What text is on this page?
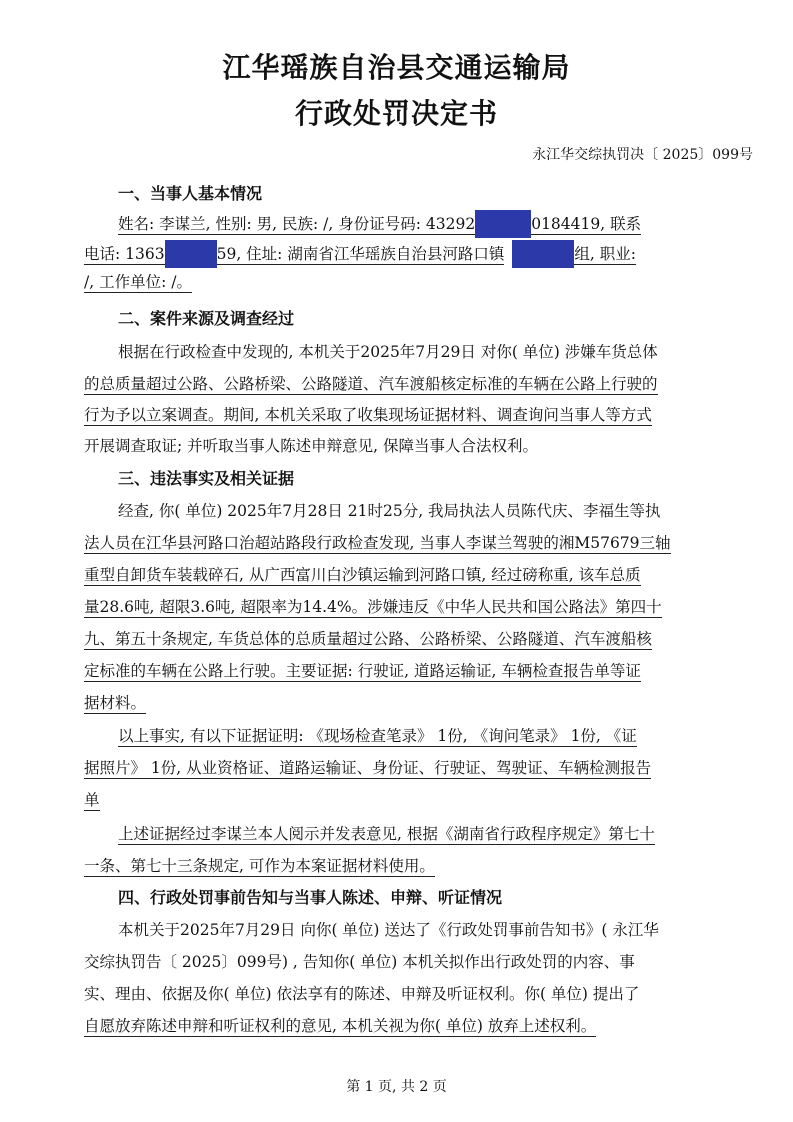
江华瑶族自治县交通运输局
行政处罚决定书
永江华交综执罚决〔 2025〕099号
一、当事人基本情况
姓名: 李谋兰, 性别: 男, 民族: /, 身份证号码: 43292	0184419, 联系
电话: 1363	59, 住址: 湖南省江华瑶族自治县河路口镇	组, 职业:
/, 工作单位: /。
二、案件来源及调查经过
根据在行政检查中发现的, 本机关于2025年7月29日 对你( 单位) 涉嫌车货总体
的总质量超过公路、公路桥梁、公路隧道、汽车渡船核定标准的车辆在公路上行驶的
行为予以立案调查。期间, 本机关采取了收集现场证据材料、调查询问当事人等方式
开展调查取证; 并听取当事人陈述申辩意见, 保障当事人合法权利。
三、违法事实及相关证据
经查, 你( 单位) 2025年7月28日 21时25分, 我局执法人员陈代庆、李福生等执
法人员在江华县河路口治超站路段行政检查发现, 当事人李谋兰驾驶的湘M57679三轴
重型自卸货车装载碎石, 从广西富川白沙镇运输到河路口镇, 经过磅称重, 该车总质
量28.6吨, 超限3.6吨, 超限率为14.4%。涉嫌违反《中华人民共和国公路法》第四十
九、第五十条规定, 车货总体的总质量超过公路、公路桥梁、公路隧道、汽车渡船核
定标准的车辆在公路上行驶。主要证据: 行驶证, 道路运输证, 车辆检查报告单等证
据材料。
以上事实, 有以下证据证明: 《现场检查笔录》 1份, 《询问笔录》 1份, 《证
据照片》 1份, 从业资格证、道路运输证、身份证、行驶证、驾驶证、车辆检测报告
单
上述证据经过李谋兰本人阅示并发表意见, 根据《湖南省行政程序规定》第七十
一条、第七十三条规定, 可作为本案证据材料使用。
四、行政处罚事前告知与当事人陈述、申辩、听证情况
本机关于2025年7月29日 向你( 单位) 送达了《行政处罚事前告知书》( 永江华
交综执罚告〔 2025〕099号) , 告知你( 单位) 本机关拟作出行政处罚的内容、事
实、理由、依据及你( 单位) 依法享有的陈述、申辩及听证权利。你( 单位) 提出了
自愿放弃陈述申辩和听证权利的意见, 本机关视为你( 单位) 放弃上述权利。
第 1 页, 共 2 页
